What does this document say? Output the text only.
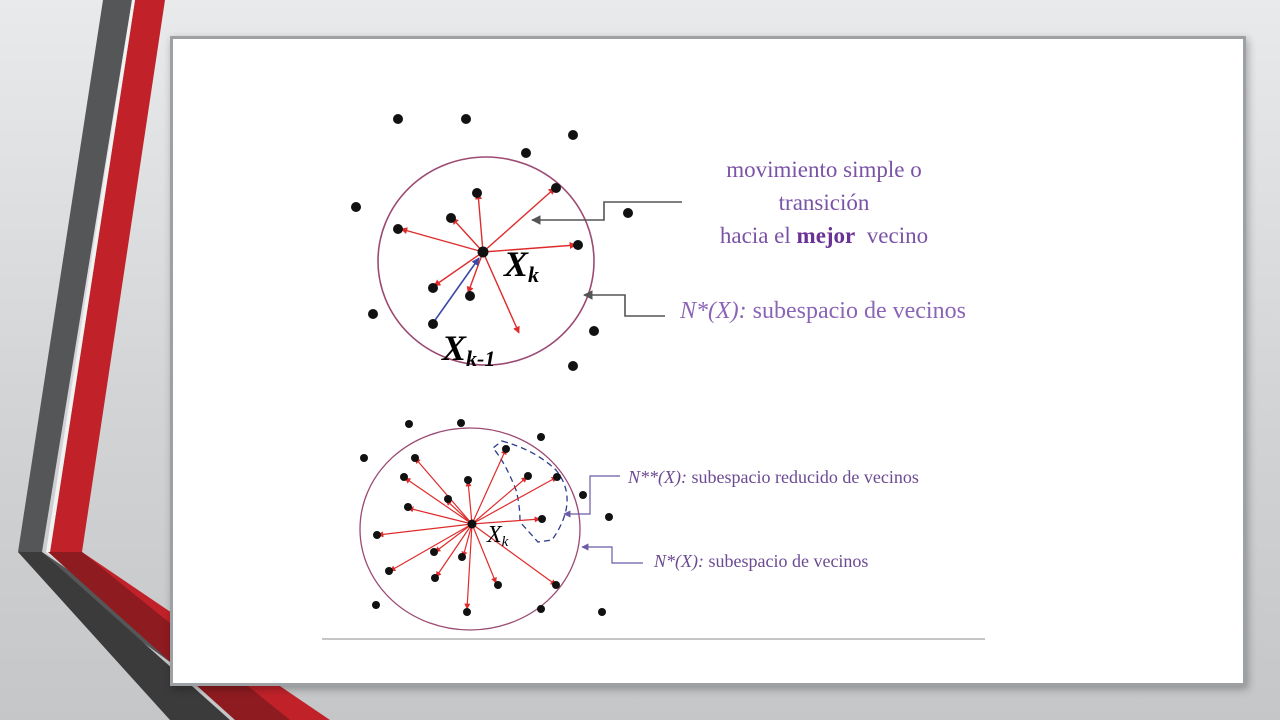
Xk
Xk-1
Xk
movimiento simple o
transición
hacia el mejor  vecino
N*(X): subespacio de vecinos
N**(X): subespacio reducido de vecinos
N*(X): subespacio de vecinos
